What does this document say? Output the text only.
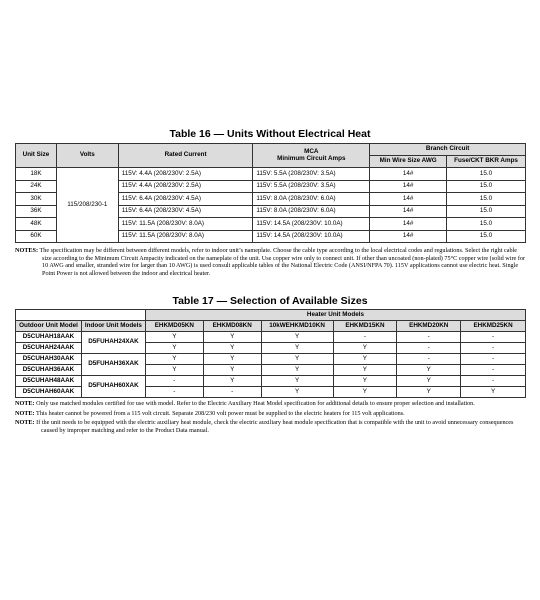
Table 16 — Units Without Electrical Heat
Unit Size	Volts	Rated Current	MCA
Minimum Circuit Amps	Branch Circuit	
				Min Wire Size AWG	Fuse/CKT BKR Amps
18K	115/208/230-1	115V: 4.4A (208/230V: 2.5A)	115V: 5.5A (208/230V: 3.5A)	14#	15.0
24K		115V: 4.4A (208/230V: 2.5A)	115V: 5.5A (208/230V: 3.5A)	14#	15.0
30K		115V: 6.4A (208/230V: 4.5A)	115V: 8.0A (208/230V: 6.0A)	14#	15.0
36K		115V: 6.4A (208/230V: 4.5A)	115V: 8.0A (208/230V: 6.0A)	14#	15.0
48K		115V: 11.5A (208/230V: 8.0A)	115V: 14.5A (208/230V: 10.0A)	14#	15.0
60K		115V: 11.5A (208/230V: 8.0A)	115V: 14.5A (208/230V: 10.0A)	14#	15.0

NOTES: The specification may be different between different models, refer to indoor unit’s nameplate. Choose the cable type according to the local electrical codes and regulations. Select the right cable size according to the Minimum Circuit Ampacity indicated on the nameplate of the unit. Use copper wire only to connect unit. If other than uncoated (non-plated) 75°C copper wire (solid wire for 10 AWG and smaller, stranded wire for larger than 10 AWG) is used consult applicable tables of the National Electric Code (ANSI/NFPA 70). 115V applications cannot use electric heat. Single Point Power is not allowed between the indoor and electrical heater.

Table 17 — Selection of Available Sizes
		Heater Unit Models					
Outdoor Unit Model	Indoor Unit Models	EHKMD05KN	EHKMD08KN	10kWEHKMD10KN	EHKMD15KN	EHKMD20KN	EHKMD25KN
D5CUHAH18AAK	D5FUHAH24XAK	Y	Y	Y	-	-	-
D5CUHAH24AAK		Y	Y	Y	Y	-	-
D5CUHAH30AAK	D5FUHAH36XAK	Y	Y	Y	Y	-	-
D5CUHAH36AAK		Y	Y	Y	Y	Y	-
D5CUHAH48AAK	D5FUHAH60XAK	-	Y	Y	Y	Y	-
D5CUHAH60AAK		-	-	Y	Y	Y	Y

NOTE: Only use matched modules certified for use with model. Refer to the Electric Auxiliary Heat Model specification for additional details to ensure proper selection and installation.

NOTE: This heater cannot be powered from a 115 volt circuit. Separate 208/230 volt power must be supplied to the electric heaters for 115 volt applications.

NOTE: If the unit needs to be equipped with the electric auxiliary heat module, check the electric auxiliary heat module specification that is compatible with the unit to avoid unnecessary consequences caused by improper matching and refer to the Product Data manual.
